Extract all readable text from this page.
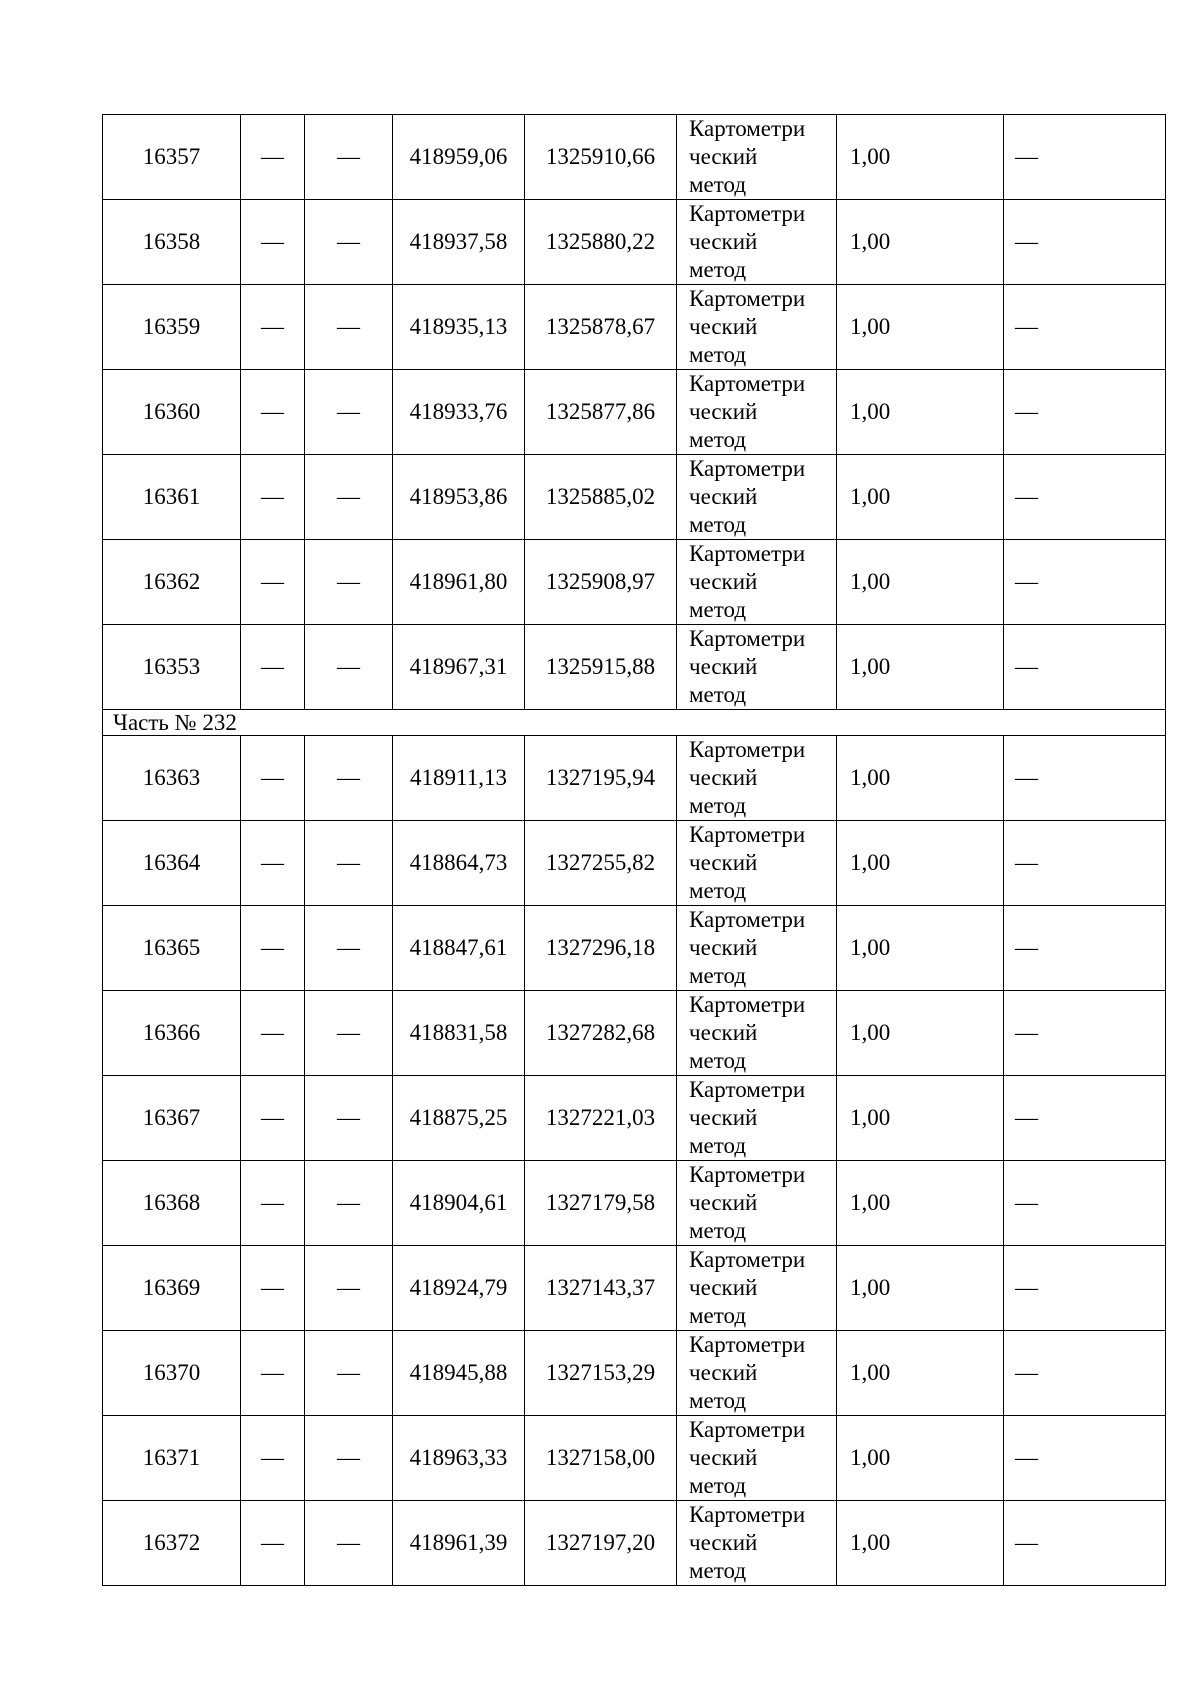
16357	—	—	418959,06	1325910,66	Картометри
ческий
метод	1,00	—
16358	—	—	418937,58	1325880,22	Картометри
ческий
метод	1,00	—
16359	—	—	418935,13	1325878,67	Картометри
ческий
метод	1,00	—
16360	—	—	418933,76	1325877,86	Картометри
ческий
метод	1,00	—
16361	—	—	418953,86	1325885,02	Картометри
ческий
метод	1,00	—
16362	—	—	418961,80	1325908,97	Картометри
ческий
метод	1,00	—
16353	—	—	418967,31	1325915,88	Картометри
ческий
метод	1,00	—
Часть № 232							
16363	—	—	418911,13	1327195,94	Картометри
ческий
метод	1,00	—
16364	—	—	418864,73	1327255,82	Картометри
ческий
метод	1,00	—
16365	—	—	418847,61	1327296,18	Картометри
ческий
метод	1,00	—
16366	—	—	418831,58	1327282,68	Картометри
ческий
метод	1,00	—
16367	—	—	418875,25	1327221,03	Картометри
ческий
метод	1,00	—
16368	—	—	418904,61	1327179,58	Картометри
ческий
метод	1,00	—
16369	—	—	418924,79	1327143,37	Картометри
ческий
метод	1,00	—
16370	—	—	418945,88	1327153,29	Картометри
ческий
метод	1,00	—
16371	—	—	418963,33	1327158,00	Картометри
ческий
метод	1,00	—
16372	—	—	418961,39	1327197,20	Картометри
ческий
метод	1,00	—
